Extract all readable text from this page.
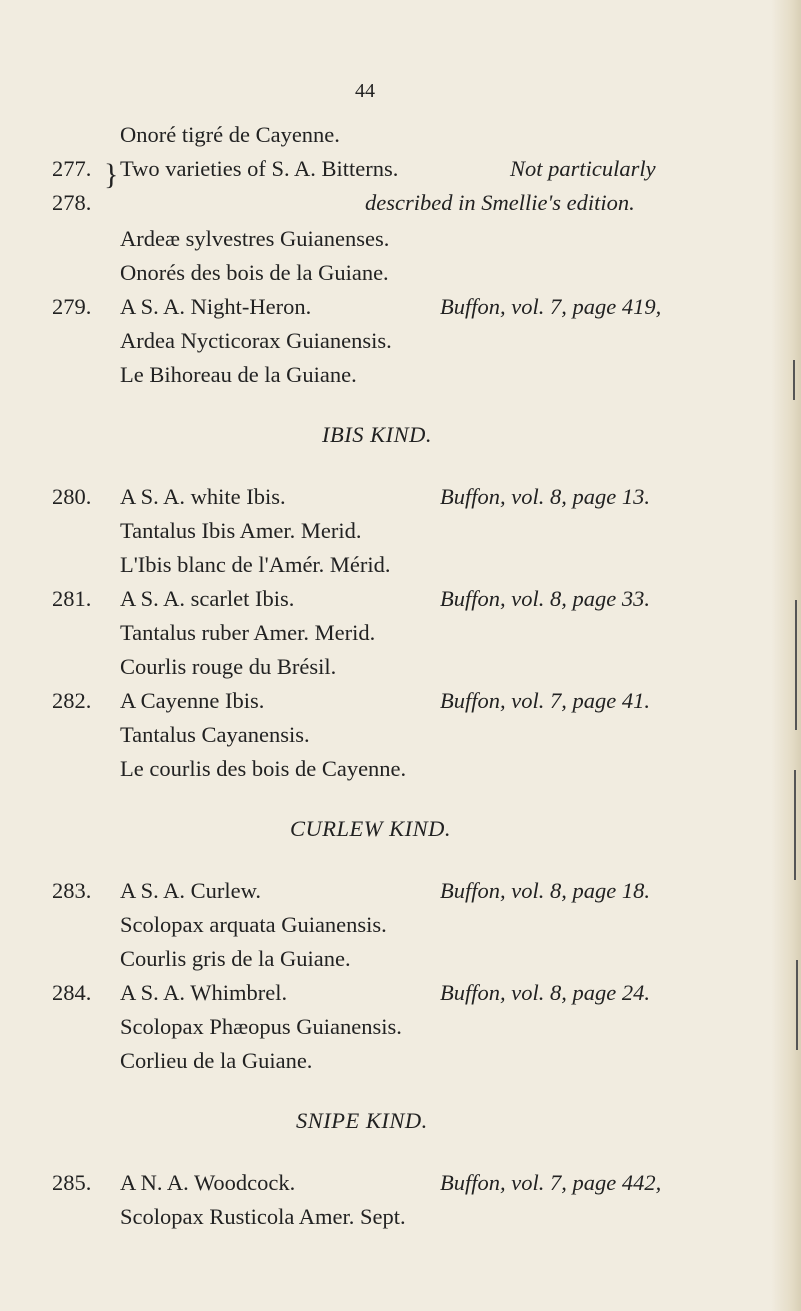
44
Onoré tigré de Cayenne.
277. } Two varieties of S. A. Bitterns.	Not particularly
278.	described in Smellie's edition.
Ardeæ sylvestres Guianenses.
Onorés des bois de la Guiane.
279. A S. A. Night-Heron.	Buffon, vol. 7, page 419,
Ardea Nycticorax Guianensis.
Le Bihoreau de la Guiane.
IBIS KIND.
280. A S. A. white Ibis.	Buffon, vol. 8, page 13.
Tantalus Ibis Amer. Merid.
L'Ibis blanc de l'Amér. Mérid.
281. A S. A. scarlet Ibis.	Buffon, vol. 8, page 33.
Tantalus ruber Amer. Merid.
Courlis rouge du Brésil.
282. A Cayenne Ibis.	Buffon, vol. 7, page 41.
Tantalus Cayanensis.
Le courlis des bois de Cayenne.
CURLEW KIND.
283. A S. A. Curlew.	Buffon, vol. 8, page 18.
Scolopax arquata Guianensis.
Courlis gris de la Guiane.
284. A S. A. Whimbrel.	Buffon, vol. 8, page 24.
Scolopax Phæopus Guianensis.
Corlieu de la Guiane.
SNIPE KIND.
285. A N. A. Woodcock.	Buffon, vol. 7, page 442,
Scolopax Rusticola Amer. Sept.
